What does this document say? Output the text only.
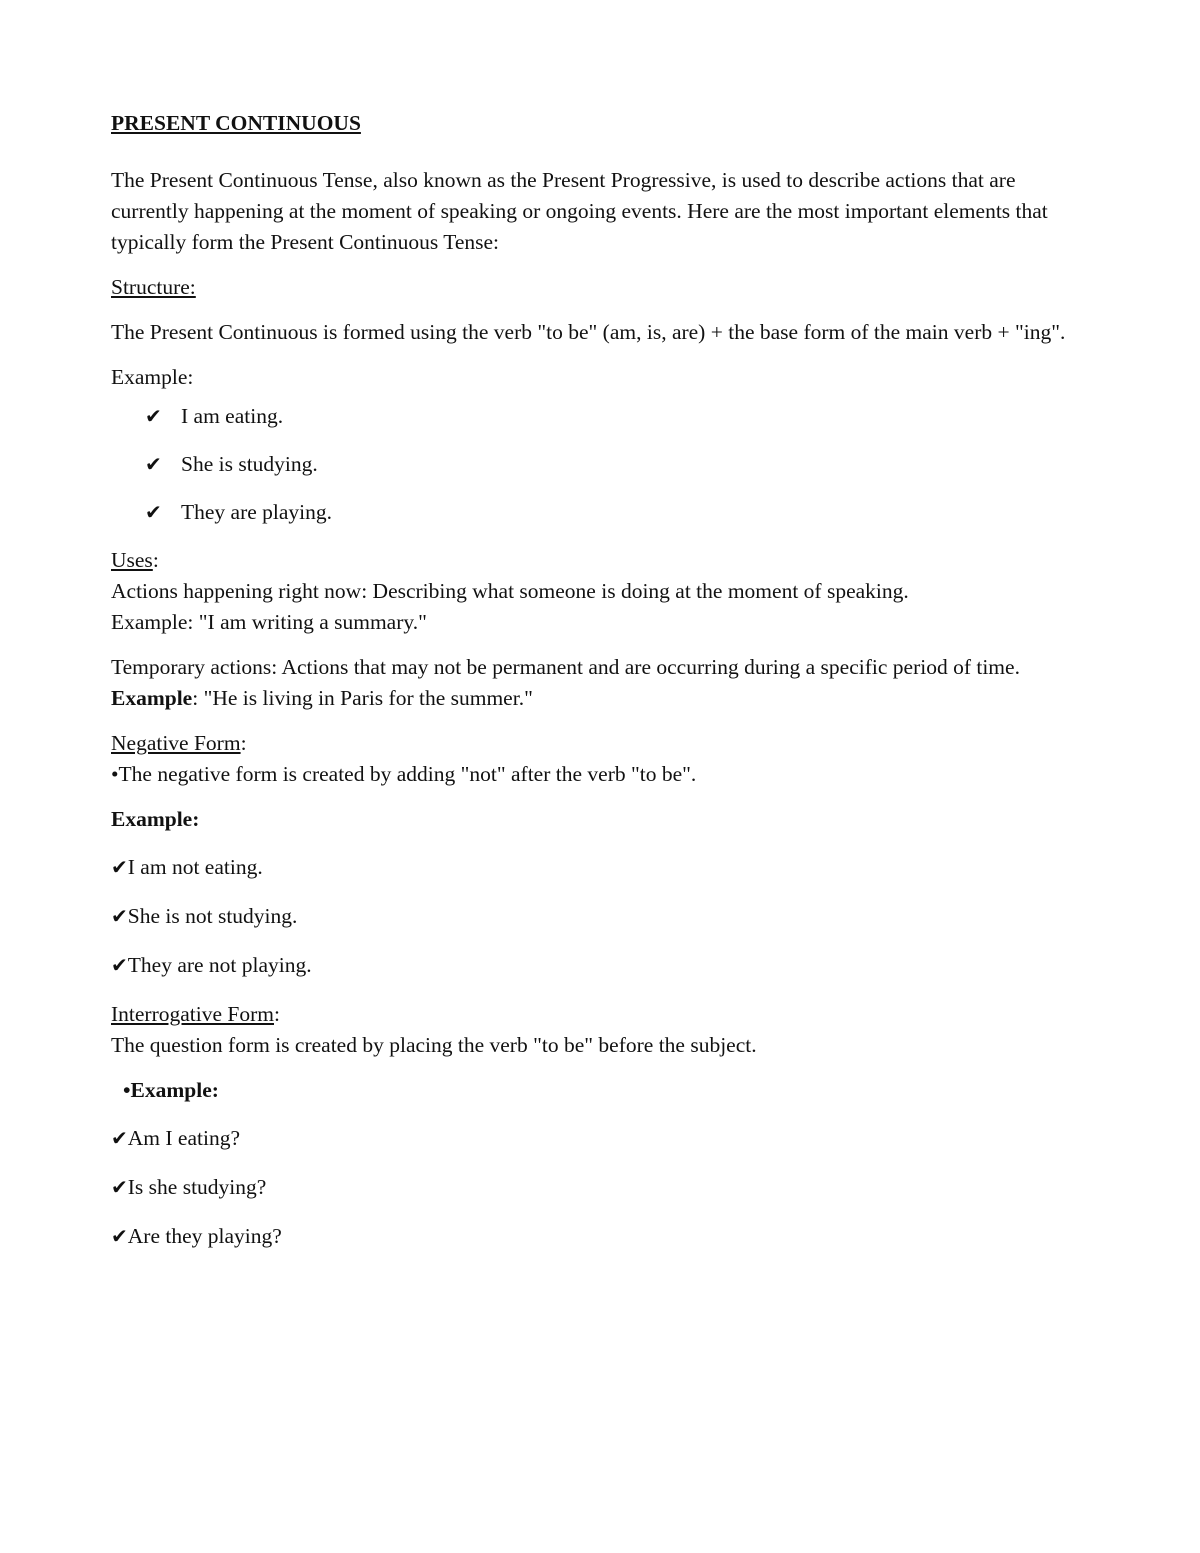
PRESENT CONTINUOUS

The Present Continuous Tense, also known as the Present Progressive, is used to describe actions that are currently happening at the moment of speaking or ongoing events. Here are the most important elements that typically form the Present Continuous Tense:

Structure:

The Present Continuous is formed using the verb "to be" (am, is, are) + the base form of the main verb + "ing".

Example:

✔ I am eating.
✔ She is studying.
✔ They are playing.

Uses:

Actions happening right now: Describing what someone is doing at the moment of speaking.

Example: "I am writing a summary."

Temporary actions: Actions that may not be permanent and are occurring during a specific period of time.

Example: "He is living in Paris for the summer."

Negative Form:

•The negative form is created by adding "not" after the verb "to be".

Example:

✔I am not eating.
✔She is not studying.
✔They are not playing.

Interrogative Form:

The question form is created by placing the verb "to be" before the subject.

•Example:

✔Am I eating?
✔Is she studying?
✔Are they playing?
